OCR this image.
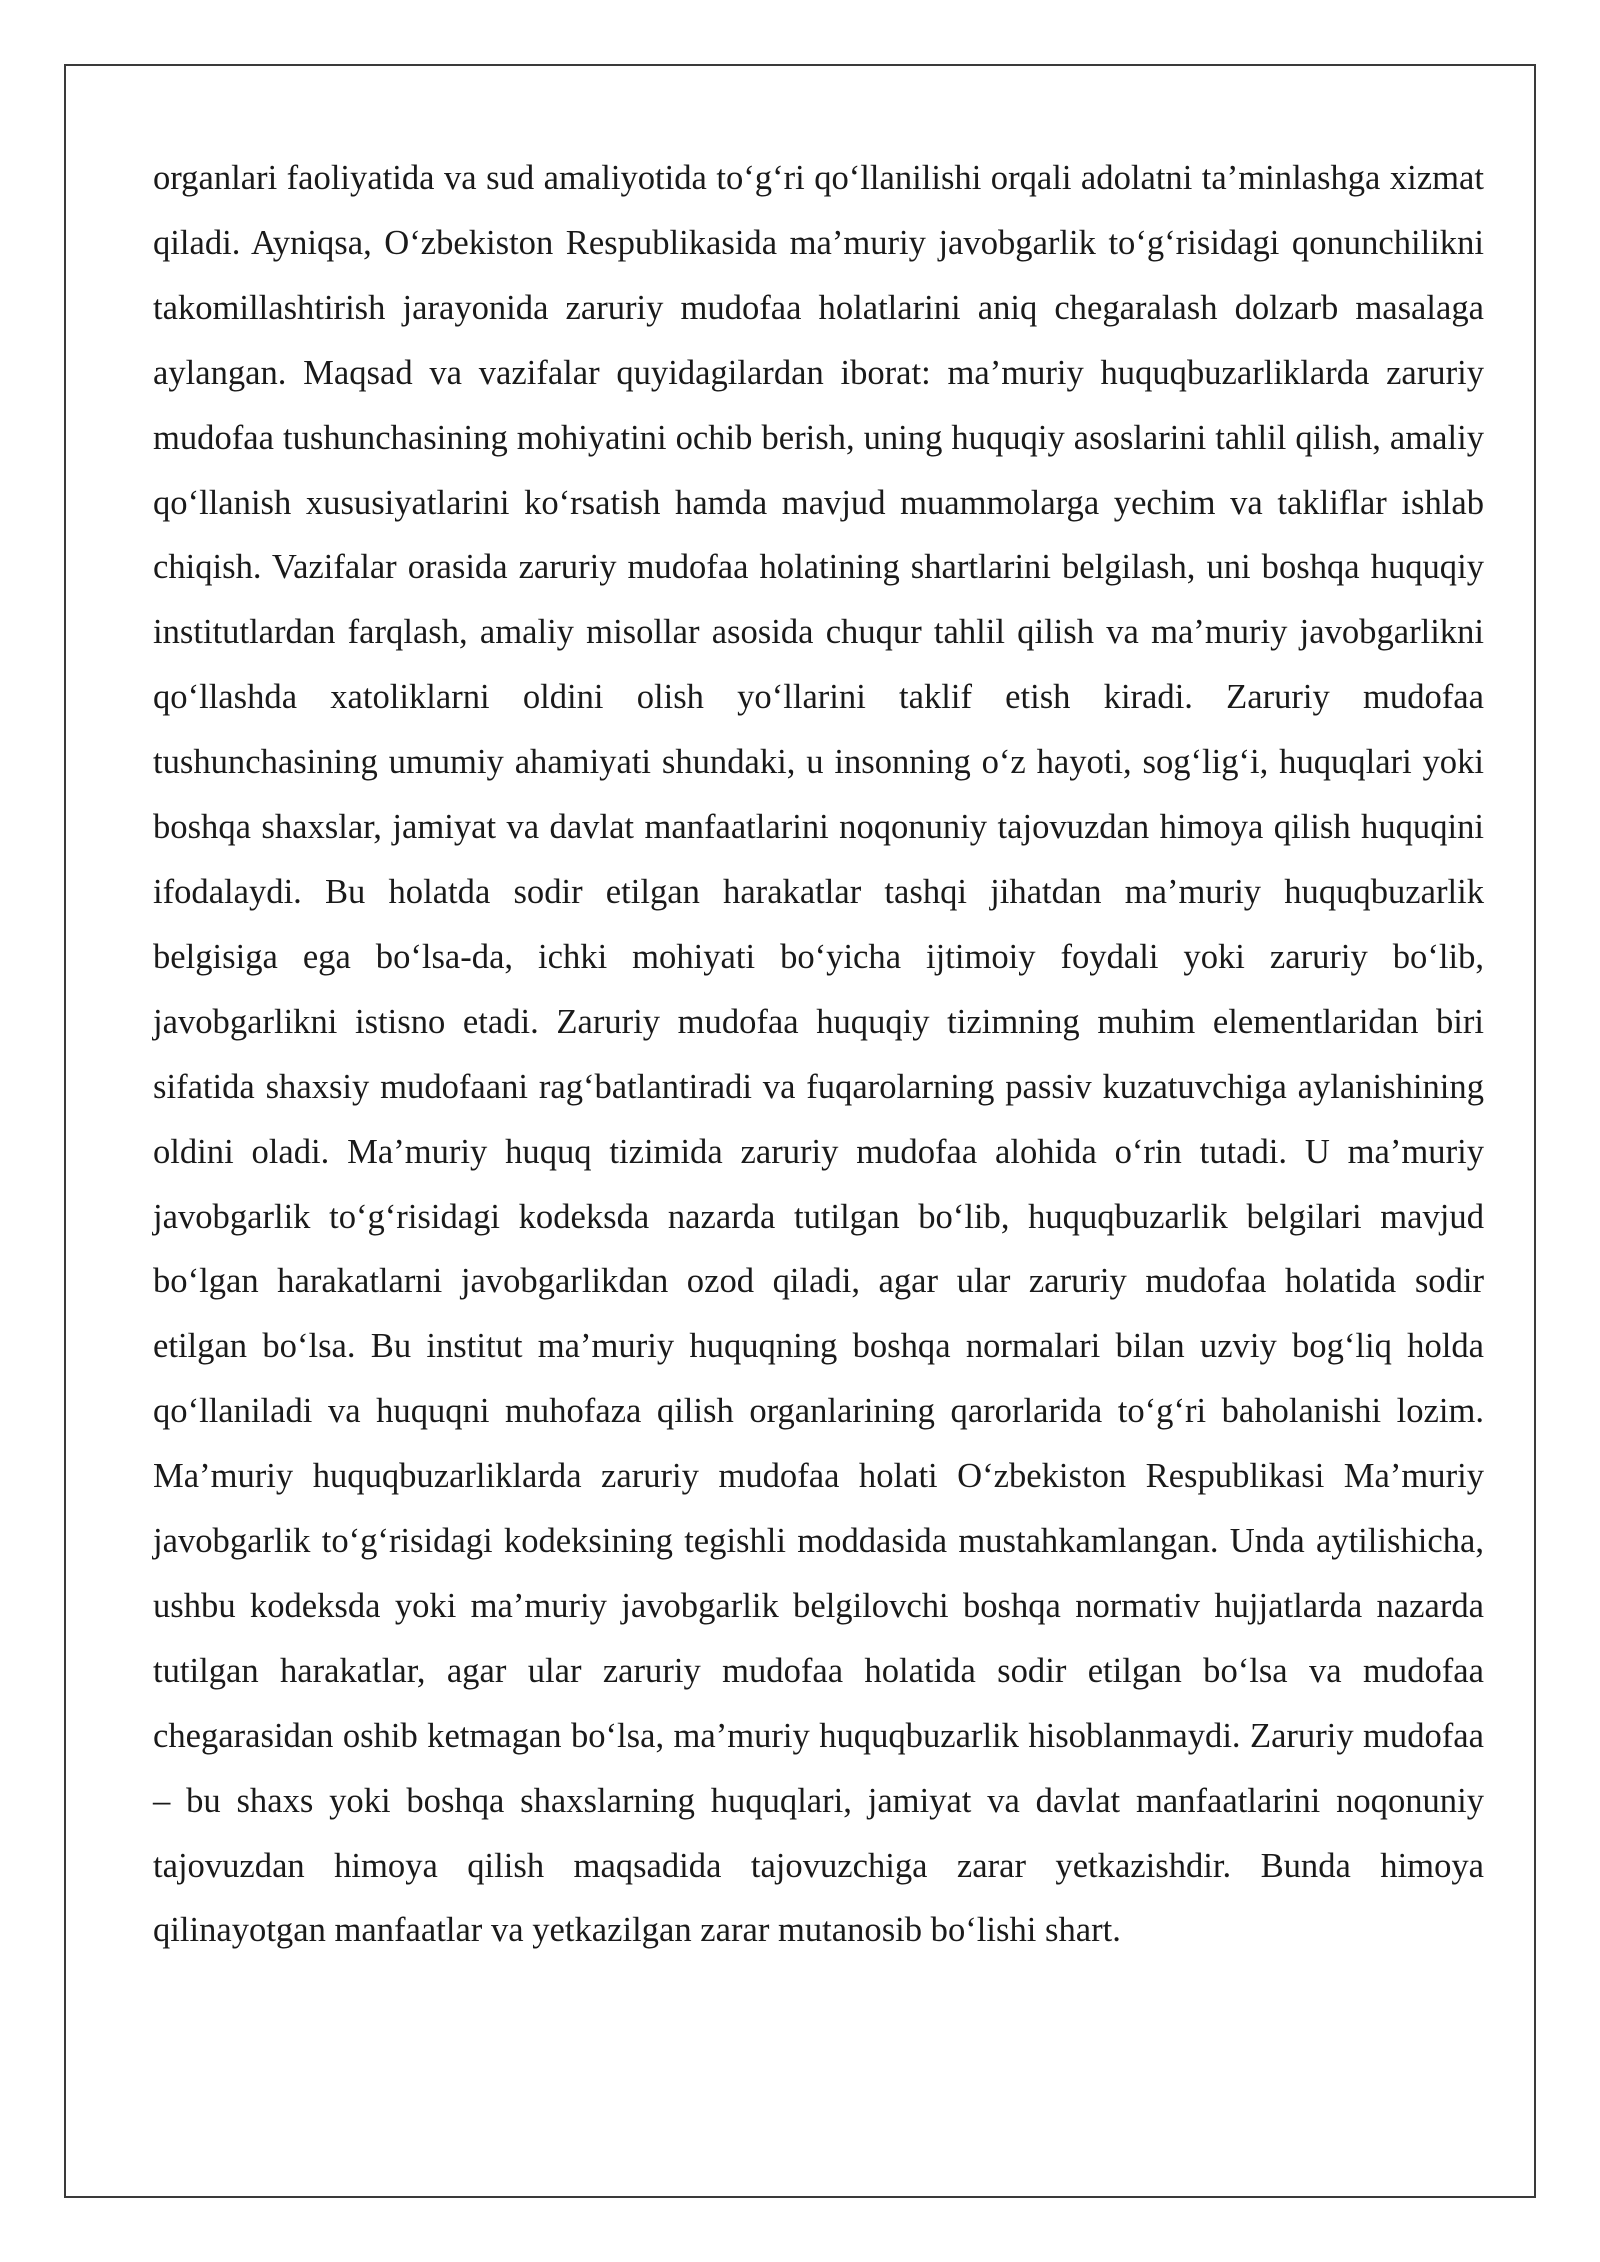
organlari faoliyatida va sud amaliyotida to‘g‘ri qo‘llanilishi orqali adolatni ta’minlashga xizmat qiladi. Ayniqsa, O‘zbekiston Respublikasida ma’muriy javobgarlik to‘g‘risidagi qonunchilikni takomillashtirish jarayonida zaruriy mudofaa holatlarini aniq chegaralash dolzarb masalaga aylangan. Maqsad va vazifalar quyidagilardan iborat: ma’muriy huquqbuzarliklarda zaruriy mudofaa tushunchasining mohiyatini ochib berish, uning huquqiy asoslarini tahlil qilish, amaliy qo‘llanish xususiyatlarini ko‘rsatish hamda mavjud muammolarga yechim va takliflar ishlab chiqish. Vazifalar orasida zaruriy mudofaa holatining shartlarini belgilash, uni boshqa huquqiy institutlardan farqlash, amaliy misollar asosida chuqur tahlil qilish va ma’muriy javobgarlikni qo‘llashda xatoliklarni oldini olish yo‘llarini taklif etish kiradi. Zaruriy mudofaa tushunchasining umumiy ahamiyati shundaki, u insonning o‘z hayoti, sog‘lig‘i, huquqlari yoki boshqa shaxslar, jamiyat va davlat manfaatlarini noqonuniy tajovuzdan himoya qilish huquqini ifodalaydi. Bu holatda sodir etilgan harakatlar tashqi jihatdan ma’muriy huquqbuzarlik belgisiga ega bo‘lsa-da, ichki mohiyati bo‘yicha ijtimoiy foydali yoki zaruriy bo‘lib, javobgarlikni istisno etadi. Zaruriy mudofaa huquqiy tizimning muhim elementlaridan biri sifatida shaxsiy mudofaani rag‘batlantiradi va fuqarolarning passiv kuzatuvchiga aylanishining oldini oladi. Ma’muriy huquq tizimida zaruriy mudofaa alohida o‘rin tutadi. U ma’muriy javobgarlik to‘g‘risidagi kodeksda nazarda tutilgan bo‘lib, huquqbuzarlik belgilari mavjud bo‘lgan harakatlarni javobgarlikdan ozod qiladi, agar ular zaruriy mudofaa holatida sodir etilgan bo‘lsa. Bu institut ma’muriy huquqning boshqa normalari bilan uzviy bog‘liq holda qo‘llaniladi va huquqni muhofaza qilish organlarining qarorlarida to‘g‘ri baholanishi lozim. Ma’muriy huquqbuzarliklarda zaruriy mudofaa holati O‘zbekiston Respublikasi Ma’muriy javobgarlik to‘g‘risidagi kodeksining tegishli moddasida mustahkamlangan. Unda aytilishicha, ushbu kodeksda yoki ma’muriy javobgarlik belgilovchi boshqa normativ hujjatlarda nazarda tutilgan harakatlar, agar ular zaruriy mudofaa holatida sodir etilgan bo‘lsa va mudofaa chegarasidan oshib ketmagan bo‘lsa, ma’muriy huquqbuzarlik hisoblanmaydi. Zaruriy mudofaa – bu shaxs yoki boshqa shaxslarning huquqlari, jamiyat va davlat manfaatlarini noqonuniy tajovuzdan himoya qilish maqsadida tajovuzchiga zarar yetkazishdir. Bunda himoya qilinayotgan manfaatlar va yetkazilgan zarar mutanosib bo‘lishi shart.
